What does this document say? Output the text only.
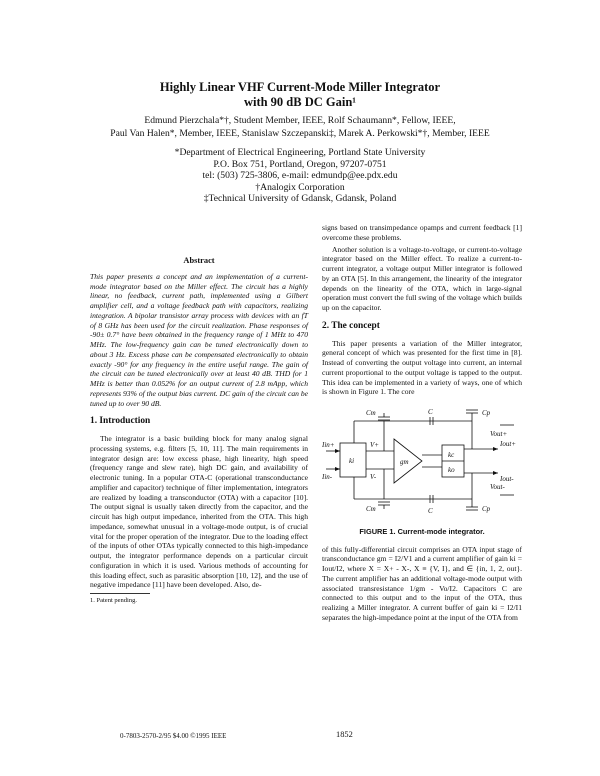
Highly Linear VHF Current-Mode Miller Integrator
with 90 dB DC Gain¹
Edmund Pierzchala*†, Student Member, IEEE, Rolf Schaumann*, Fellow, IEEE,
Paul Van Halen*, Member, IEEE, Stanislaw Szczepanski‡, Marek A. Perkowski*†, Member, IEEE
*Department of Electrical Engineering, Portland State University
P.O. Box 751, Portland, Oregon, 97207-0751
tel: (503) 725-3806, e-mail: edmundp@ee.pdx.edu
†Analogix Corporation
‡Technical University of Gdansk, Gdansk, Poland
Abstract
This paper presents a concept and an implementation of a current-mode integrator based on the Miller effect. The circuit has a highly linear, no feedback, current path, implemented using a Gilbert amplifier cell, and a voltage feedback path with capacitors, realizing integration. A bipolar transistor array process with devices with an fT of 8 GHz has been used for the circuit realization. Phase responses of -90± 0.7° have been obtained in the frequency range of 1 MHz to 470 MHz. The low-frequency gain can be tuned electronically down to about 3 Hz. Excess phase can be compensated electronically to obtain exactly -90° for any frequency in the entire useful range. The gain of the circuit can be tuned electronically over at least 40 dB. THD for 1 MHz is better than 0.052% for an output current of 2.8 mApp, which represents 93% of the output bias current. DC gain of the circuit can be tuned up to over 90 dB.
1. Introduction
The integrator is a basic building block for many analog signal processing systems, e.g. filters [5, 10, 11]. The main requirements in integrator design are: low excess phase, high linearity, high speed (frequency range and slew rate), high DC gain, and availability of electronic tuning. In a popular OTA-C (operational transconductance amplifier and capacitor) technique of filter implementation, integrators are realized by loading a transconductor (OTA) with a capacitor [10]. The output signal is usually taken directly from the capacitor, and the circuit has high output impedance, inherited from the OTA. This high impedance, somewhat unusual in a voltage-mode output, is of crucial vital for the proper operation of the integrator. Due to the loading effect of the inputs of other OTAs typically connected to this high-impedance output, the integrator performance depends on a particular circuit configuration in which it is used. Various methods of accounting for this loading effect, such as parasitic absorption [10, 12], and the use of negative impedance [11] have been developed. Also, de-
1. Patent pending.
signs based on transimpedance opamps and current feedback [1] overcome these problems.
Another solution is a voltage-to-voltage, or current-to-voltage integrator based on the Miller effect. To realize a current-to-current integrator, a voltage output Miller integrator is followed by an OTA [5]. In this arrangement, the linearity of the integrator depends on the linearity of the OTA, which in large-signal operation must convert the full swing of the voltage which builds up on the capacitor.
2. The concept
This paper presents a variation of the Miller integrator, general concept of which was presented for the first time in [8]. Instead of converting the output voltage into current, an internal current proportional to the output voltage is tapped to the output. This idea can be implemented in a variety of ways, one of which is shown in Figure 1. The core
Cm
Cm
C
C
Cp
Cp
ki	gm
kc
ko
Iin+
Iin-
Iout+
Iout-
Vout+
Vout-
V+
V-
FIGURE 1. Current-mode integrator.
of this fully-differential circuit comprises an OTA input stage of transconductance gm = I2/V1 and a current amplifier of gain ki = Iout/I2, where X = X+ - X-, X ≡ {V, I}, and ∈ {in, 1, 2, out}. The current amplifier has an additional voltage-mode output with associated transresistance 1/gm - Vo/I2. Capacitors C are connected to this output and to the input of the OTA, thus realizing a Miller integrator. A current buffer of gain ki = I2/I1 separates the high-impedance point at the input of the OTA from
0-7803-2570-2/95 $4.00 ©1995 IEEE	1852
